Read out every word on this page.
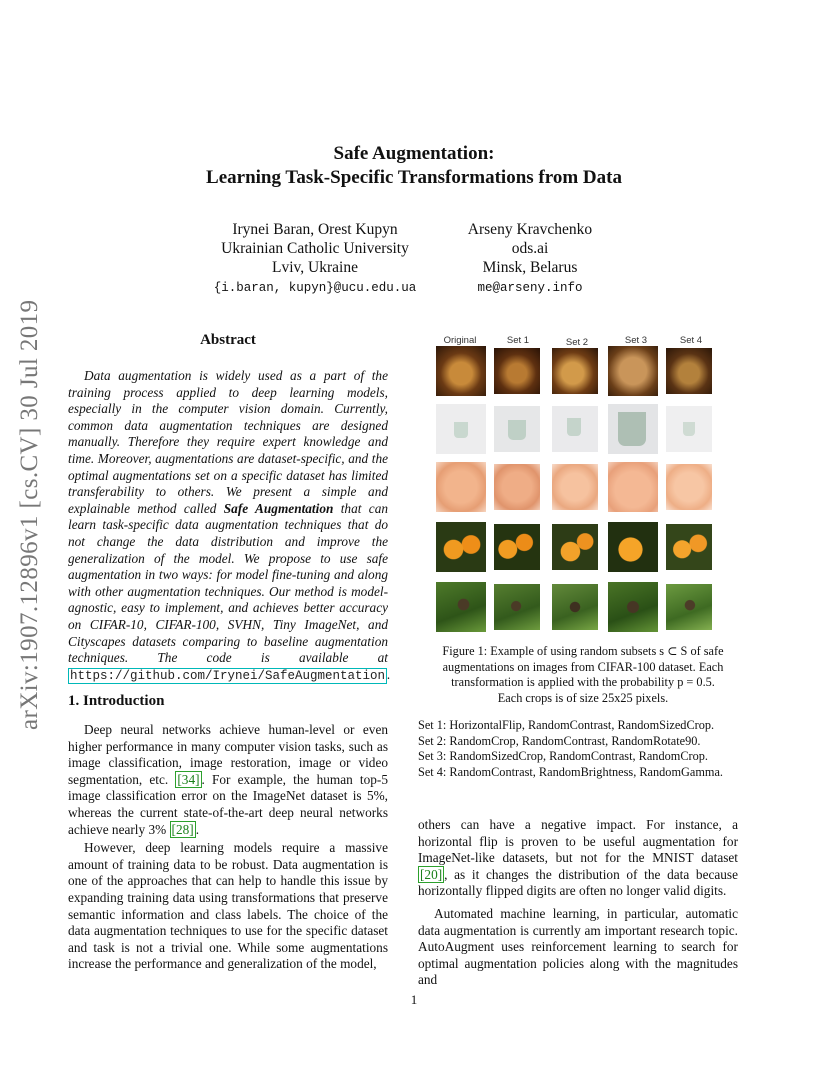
arXiv:1907.12896v1 [cs.CV] 30 Jul 2019
Safe Augmentation:
Learning Task-Specific Transformations from Data
Irynei Baran, Orest Kupyn
Ukrainian Catholic University
Lviv, Ukraine
{i.baran, kupyn}@ucu.edu.ua
Arseny Kravchenko
ods.ai
Minsk, Belarus
me@arseny.info
Abstract
Data augmentation is widely used as a part of the training process applied to deep learning models, especially in the computer vision domain. Currently, common data augmentation techniques are designed manually. Therefore they require expert knowledge and time. Moreover, augmentations are dataset-specific, and the optimal augmentations set on a specific dataset has limited transferability to others. We present a simple and explainable method called Safe Augmentation that can learn task-specific data augmentation techniques that do not change the data distribution and improve the generalization of the model. We propose to use safe augmentation in two ways: for model fine-tuning and along with other augmentation techniques. Our method is model-agnostic, easy to implement, and achieves better accuracy on CIFAR-10, CIFAR-100, SVHN, Tiny ImageNet, and Cityscapes datasets comparing to baseline augmentation techniques. The code is available at https://github.com/Irynei/SafeAugmentation .
1. Introduction
Deep neural networks achieve human-level or even higher performance in many computer vision tasks, such as image classification, image restoration, image or video segmentation, etc. [34] . For example, the human top-5 image classification error on the ImageNet dataset is 5%, whereas the current state-of-the-art deep neural networks achieve nearly 3% [28] .
However, deep learning models require a massive amount of training data to be robust. Data augmentation is one of the approaches that can help to handle this issue by expanding training data using transformations that preserve semantic information and class labels. The choice of the data augmentation techniques to use for the specific dataset and task is not a trivial one. While some augmentations increase the performance and generalization of the model,
Original	Set 1	Set 2	Set 3	Set 4
Figure 1: Example of using random subsets s ⊂ S of safe
augmentations on images from CIFAR-100 dataset. Each
transformation is applied with the probability p = 0.5.
Each crops is of size 25x25 pixels.
Set 1: HorizontalFlip, RandomContrast, RandomSizedCrop.
Set 2: RandomCrop, RandomContrast, RandomRotate90.
Set 3: RandomSizedCrop, RandomContrast, RandomCrop.
Set 4: RandomContrast, RandomBrightness, RandomGamma.
others can have a negative impact. For instance, a horizontal flip is proven to be useful augmentation for ImageNet-like datasets, but not for the MNIST dataset [20] , as it changes the distribution of the data because horizontally flipped digits are often no longer valid digits.
Automated machine learning, in particular, automatic data augmentation is currently am important research topic. AutoAugment uses reinforcement learning to search for optimal augmentation policies along with the magnitudes and
1
